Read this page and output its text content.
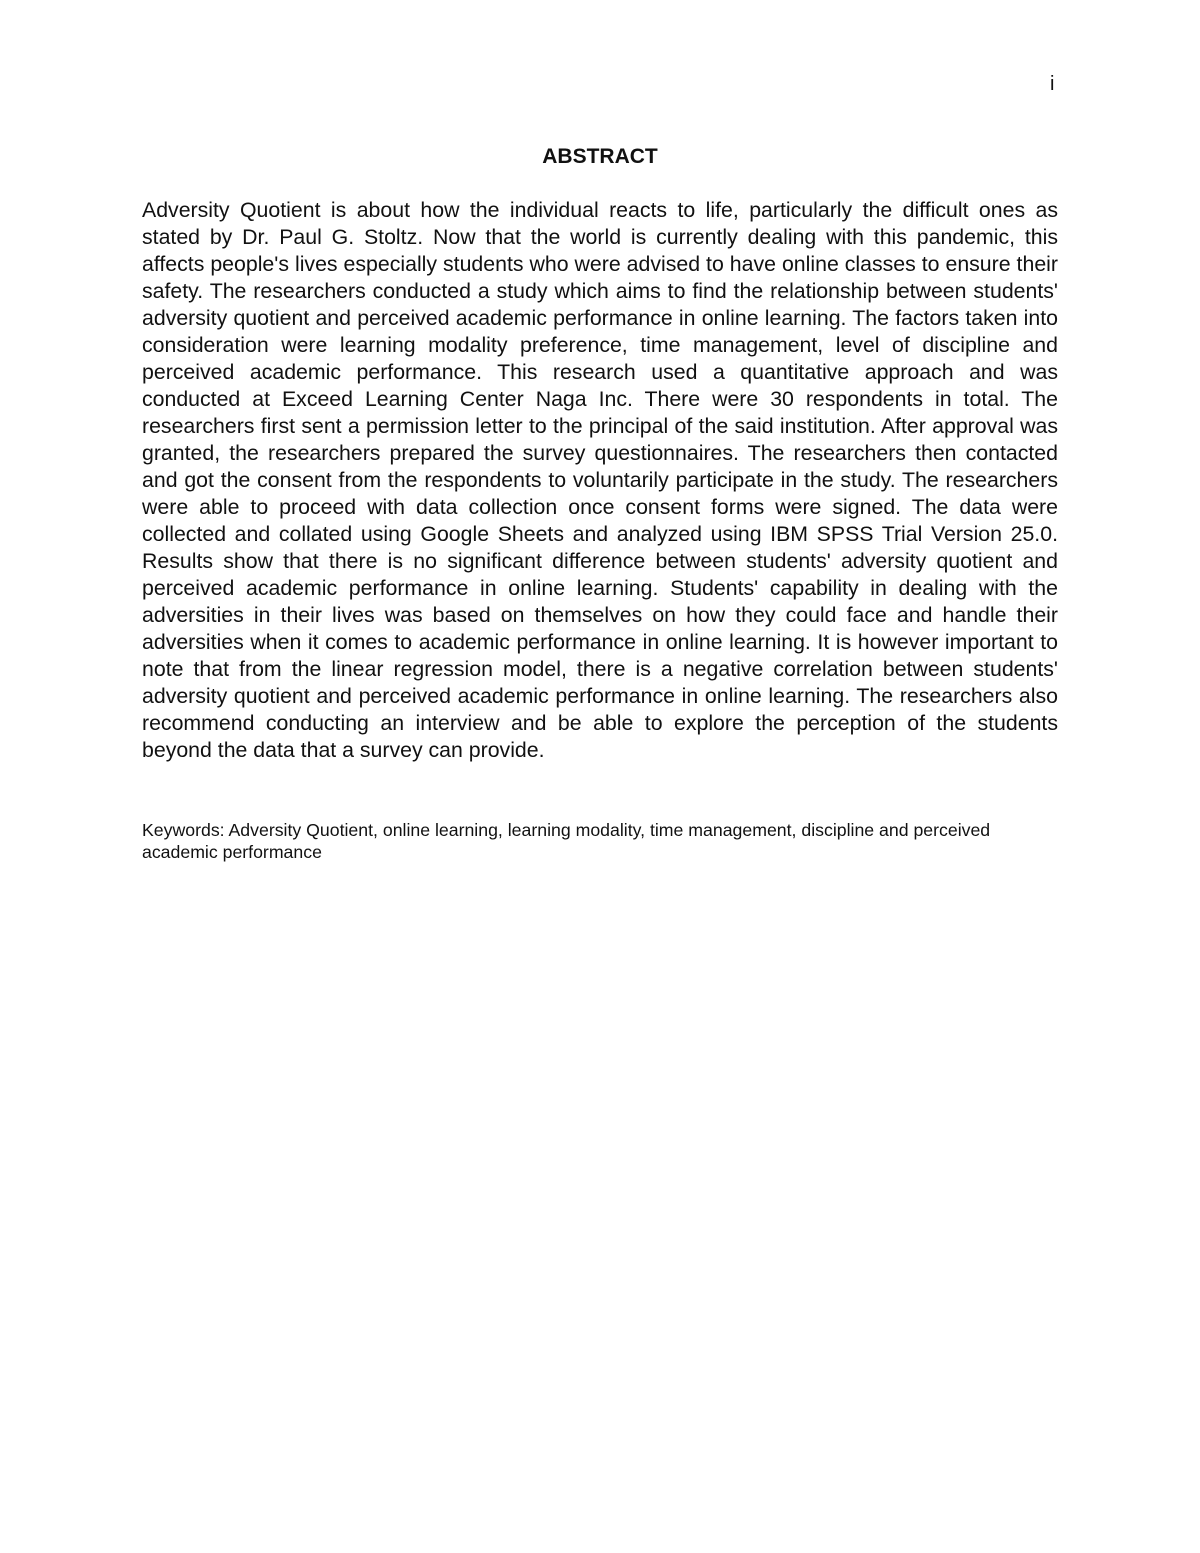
i
ABSTRACT

Adversity Quotient is about how the individual reacts to life, particularly the difficult ones as stated by Dr. Paul G. Stoltz. Now that the world is currently dealing with this pandemic, this affects people's lives especially students who were advised to have online classes to ensure their safety. The researchers conducted a study which aims to find the relationship between students' adversity quotient and perceived academic performance in online learning. The factors taken into consideration were learning modality preference, time management, level of discipline and perceived academic performance. This research used a quantitative approach and was conducted at Exceed Learning Center Naga Inc. There were 30 respondents in total. The researchers first sent a permission letter to the principal of the said institution. After approval was granted, the researchers prepared the survey questionnaires. The researchers then contacted and got the consent from the respondents to voluntarily participate in the study. The researchers were able to proceed with data collection once consent forms were signed. The data were collected and collated using Google Sheets and analyzed using IBM SPSS Trial Version 25.0. Results show that there is no significant difference between students' adversity quotient and perceived academic performance in online learning. Students' capability in dealing with the adversities in their lives was based on themselves on how they could face and handle their adversities when it comes to academic performance in online learning. It is however important to note that from the linear regression model, there is a negative correlation between students' adversity quotient and perceived academic performance in online learning. The researchers also recommend conducting an interview and be able to explore the perception of the students beyond the data that a survey can provide.

Keywords: Adversity Quotient, online learning, learning modality, time management, discipline and perceived academic performance
